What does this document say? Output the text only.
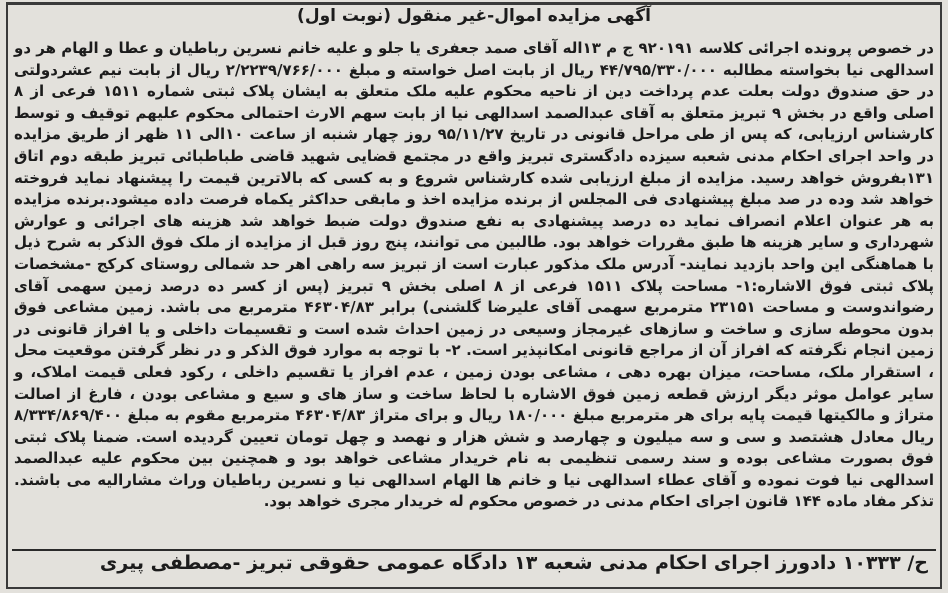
آگهی مزایده اموال-غیر منقول (نوبت اول)
در خصوص پرونده اجرائی کلاسه ۹۲۰۱۹۱ ج م ۱۳اله آقای صمد جعفری یا جلو و علیه خانم نسرین رباطیان و عطا و الهام هر دو اسدالهی نیا بخواسته مطالبه ۴۴/۷۹۵/۳۳۰/۰۰۰ ریال از بابت اصل خواسته و مبلغ ۲/۲۲۳۹/۷۶۶/۰۰۰ ریال از بابت نیم عشردولتی در حق صندوق دولت بعلت عدم پرداخت دین از ناحیه محکوم علیه ملک متعلق به ایشان پلاک ثبتی شماره ۱۵۱۱ فرعی از ۸ اصلی واقع در بخش ۹ تبریز متعلق به آقای عبدالصمد اسدالهی نیا از بابت سهم الارث احتمالی محکوم علیهم توقیف و توسط کارشناس ارزیابی، که پس از طی مراحل قانونی در تاریخ ۹۵/۱۱/۲۷ روز چهار شنبه از ساعت ۱۰الی ۱۱ ظهر از طریق مزایده در واحد اجرای احکام مدنی شعبه سیزده دادگستری تبریز واقع در مجتمع قضایی شهید قاضی طباطبائی تبریز طبقه دوم اتاق ۱۳۱بفروش خواهد رسید. مزایده از مبلغ ارزیابی شده کارشناس شروع و به کسی که بالاترین قیمت را پیشنهاد نماید فروخته خواهد شد وده در صد مبلغ پیشنهادی فی المجلس از برنده مزایده اخذ و مابقی حداکثر یکماه فرصت داده میشود.برنده مزایده به هر عنوان اعلام انصراف نماید ده درصد پیشنهادی به نفع صندوق دولت ضبط خواهد شد هزینه های اجرائی و عوارش شهرداری و سایر هزینه ها طبق مقررات خواهد بود. طالبین می توانند، پنج روز قبل از مزایده از ملک فوق الذکر به شرح ذیل با هماهنگی این واحد بازدید نمایند- آدرس ملک مذکور عبارت است از تبریز سه راهی اهر حد شمالی روستای کرکج -مشخصات پلاک ثبتی فوق الاشاره:۱- مساحت پلاک ۱۵۱۱ فرعی از ۸ اصلی بخش ۹ تبریز (پس از کسر ده درصد زمین سهمی آقای رضواندوست و مساحت ۲۳۱۵۱ مترمربع سهمی آقای علیرضا گلشنی) برابر ۴۶۳۰۴/۸۳ مترمربع می باشد. زمین مشاعی فوق بدون محوطه سازی و ساخت و سازهای غیرمجاز وسیعی در زمین احداث شده است و تقسیمات داخلی و یا افراز قانونی در زمین انجام نگرفته که افراز آن از مراجع قانونی امکانپذیر است. ۲- با توجه به موارد فوق الذکر و در نظر گرفتن موقعیت محل ، استقرار ملک، مساحت، میزان بهره دهی ، مشاعی بودن زمین ، عدم افراز یا تقسیم داخلی ، رکود فعلی قیمت املاک، و سایر عوامل موثر دیگر ارزش قطعه زمین فوق الاشاره با لحاظ ساخت و ساز های و سیع و مشاعی بودن ، فارغ از اصالت متراژ و مالکیتها قیمت پایه برای هر مترمربع مبلغ ۱۸۰/۰۰۰ ریال و برای متراژ ۴۶۳۰۴/۸۳ مترمربع مقوم به مبلغ ۸/۳۳۴/۸۶۹/۴۰۰ ریال معادل هشتصد و سی و سه میلیون و چهارصد و شش هزار و نهصد و چهل تومان تعیین گردیده است. ضمنا پلاک ثبتی فوق بصورت مشاعی بوده و سند رسمی تنظیمی به نام خریدار مشاعی خواهد بود و همچنین بین محکوم علیه عبدالصمد اسدالهی نیا فوت نموده و آقای عطاء اسدالهی نیا و خانم ها الهام اسدالهی نیا و نسرین رباطیان وراث مشارالیه می باشند. تذکر مفاد ماده ۱۴۴ قانون اجرای احکام مدنی در خصوص محکوم له خریدار مجری خواهد بود.
ح/ ۱۰۳۳۳ دادورز اجرای احکام مدنی شعبه ۱۳ دادگاه عمومی حقوقی تبریز -مصطفی پیری
